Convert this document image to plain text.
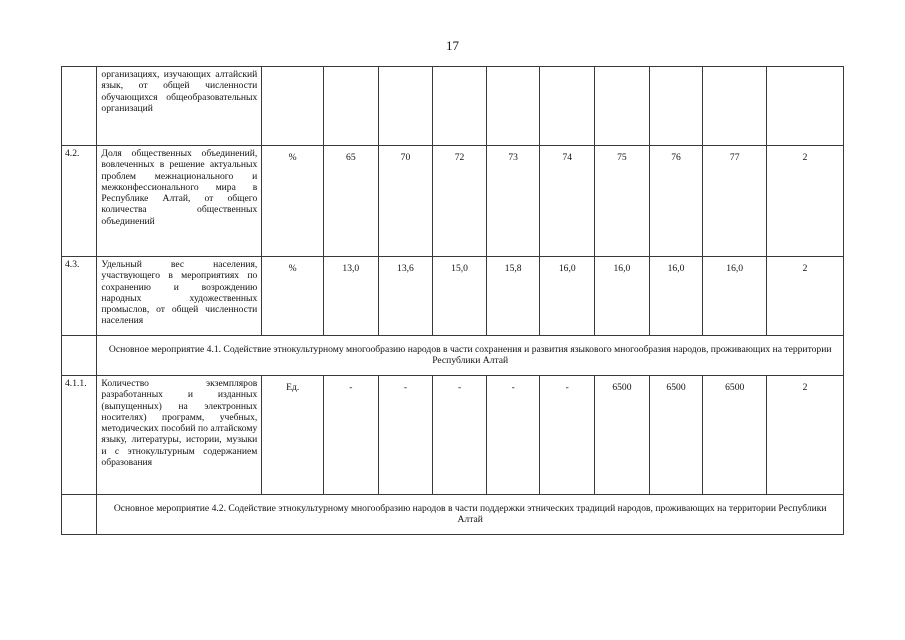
17
	организациях, изучающих алтайский язык, от общей численности обучающихся общеобразовательных организаций										
4.2.	Доля общественных объединений, вовлеченных в решение актуальных проблем межнационального и межконфессионального мира в Республике Алтай, от общего количества общественных объединений	%	65	70	72	73	74	75	76	77	2
4.3.	Удельный вес населения, участвующего в мероприятиях по сохранению и возрождению народных художественных промыслов, от общей численности населения	%	13,0	13,6	15,0	15,8	16,0	16,0	16,0	16,0	2
	Основное мероприятие 4.1. Содействие этнокультурному многообразию народов в части сохранения и развития языкового многообразия народов, проживающих на территории Республики Алтай										
4.1.1.	Количество экземпляров разработанных и изданных (выпущенных) на электронных носителях) программ, учебных, методических пособий по алтайскому языку, литературы, истории, музыки и с этнокультурным содержанием образования	Ед.	-	-	-	-	-	6500	6500	6500	2
	Основное мероприятие 4.2. Содействие этнокультурному многообразию народов в части поддержки этнических традиций народов, проживающих на территории Республики Алтай										
